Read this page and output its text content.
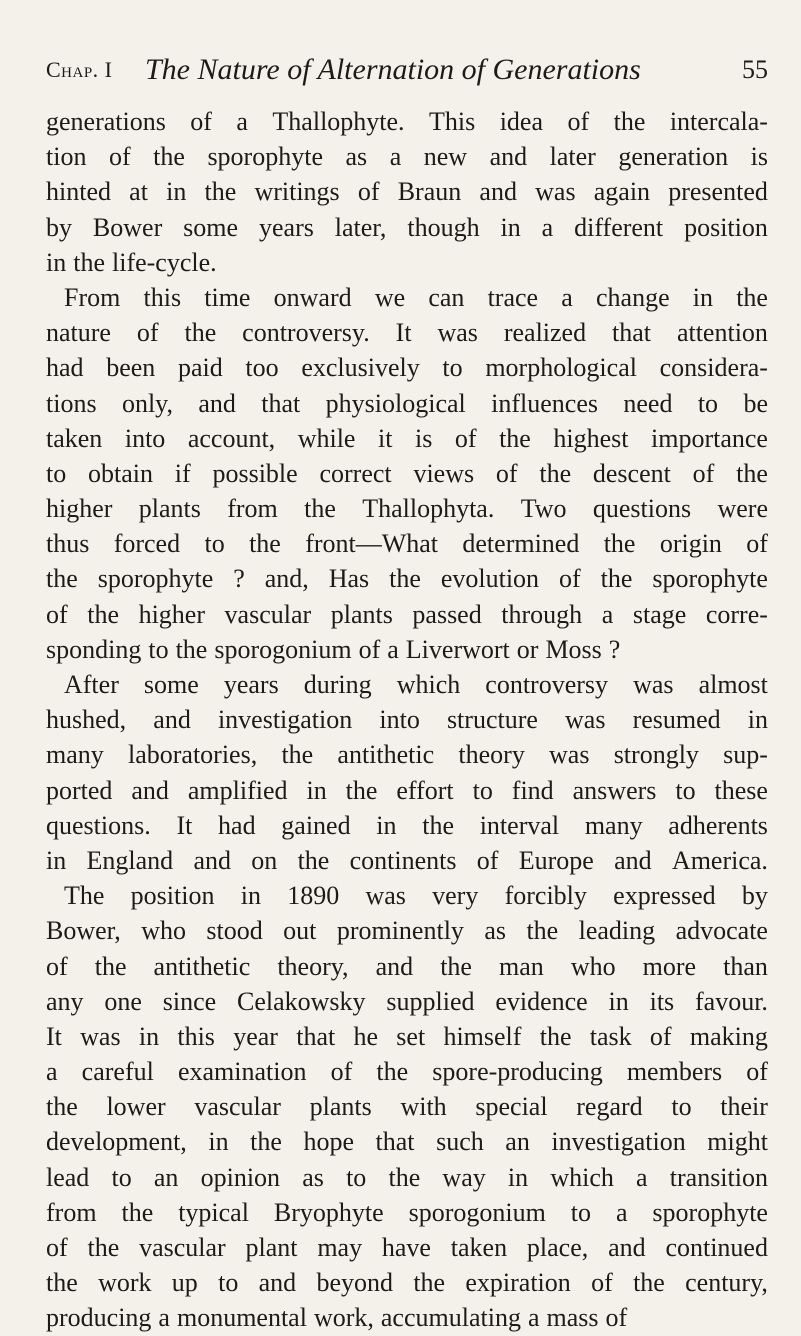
Chap. I The Nature of Alternation of Generations	55
generations of a Thallophyte. This idea of the intercala-
tion of the sporophyte as a new and later generation is
hinted at in the writings of Braun and was again presented
by Bower some years later, though in a different position
in the life-cycle.
From this time onward we can trace a change in the
nature of the controversy. It was realized that attention
had been paid too exclusively to morphological considera-
tions only, and that physiological influences need to be
taken into account, while it is of the highest importance
to obtain if possible correct views of the descent of the
higher plants from the Thallophyta. Two questions were
thus forced to the front—What determined the origin of
the sporophyte ? and, Has the evolution of the sporophyte
of the higher vascular plants passed through a stage corre-
sponding to the sporogonium of a Liverwort or Moss ?
After some years during which controversy was almost
hushed, and investigation into structure was resumed in
many laboratories, the antithetic theory was strongly sup-
ported and amplified in the effort to find answers to these
questions. It had gained in the interval many adherents
in England and on the continents of Europe and America.
The position in 1890 was very forcibly expressed by
Bower, who stood out prominently as the leading advocate
of the antithetic theory, and the man who more than
any one since Celakowsky supplied evidence in its favour.
It was in this year that he set himself the task of making
a careful examination of the spore-producing members of
the lower vascular plants with special regard to their
development, in the hope that such an investigation might
lead to an opinion as to the way in which a transition
from the typical Bryophyte sporogonium to a sporophyte
of the vascular plant may have taken place, and continued
the work up to and beyond the expiration of the century,
producing a monumental work, accumulating a mass of
